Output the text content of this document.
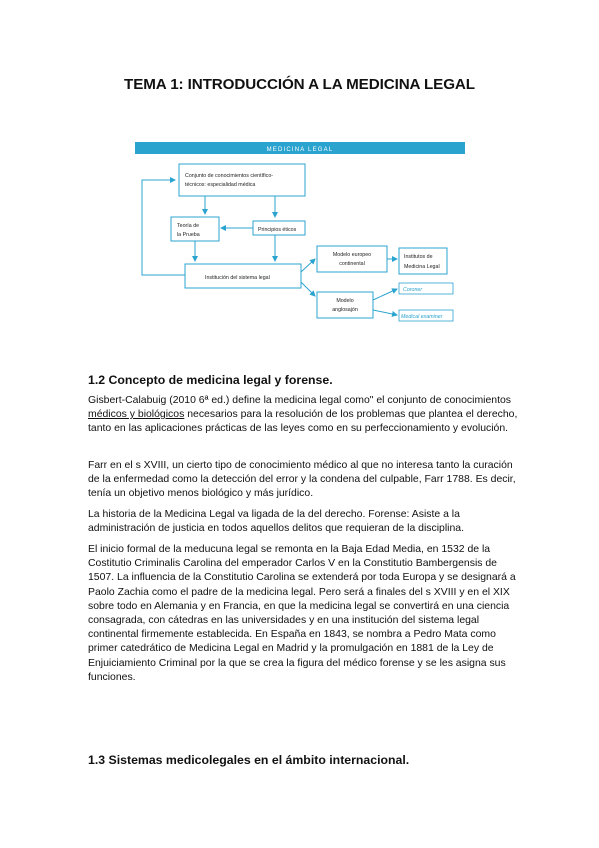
TEMA 1: INTRODUCCIÓN A LA MEDICINA LEGAL
MEDICINA LEGAL
Conjunto de conocimientos científico-
técnicos: especialidad médica
Teoría de
la Prueba
Principios éticos
Institución del sistema legal
Modelo europeo
continental
Institutos de
Medicina Legal
Modelo
anglosajón
Coroner
Medical examiner
1.2 Concepto de medicina legal y forense.
Gisbert-Calabuig (2010 6ª ed.) define la medicina legal como" el conjunto de conocimientos médicos y biológicos necesarios para la resolución de los problemas que plantea el derecho, tanto en las aplicaciones prácticas de las leyes como en su perfeccionamiento y evolución.
Farr en el s XVIII, un cierto tipo de conocimiento médico al que no interesa tanto la curación de la enfermedad como la detección del error y la condena del culpable, Farr 1788. Es decir, tenía un objetivo menos biológico y más jurídico.
La historia de la Medicina Legal va ligada de la del derecho. Forense: Asiste a la administración de justicia en todos aquellos delitos que requieran de la disciplina.
El inicio formal de la meducuna legal se remonta en la Baja Edad Media, en 1532 de la Costitutio Criminalis Carolina del emperador Carlos V en la Constitutio Bambergensis de 1507. La influencia de la Constitutio Carolina se extenderá por toda Europa y se designará a Paolo Zachia como el padre de la medicina legal. Pero será a finales del s XVIII y en el XIX sobre todo en Alemania y en Francia, en que la medicina legal se convertirá en una ciencia consagrada, con cátedras en las universidades y en una institución del sistema legal continental firmemente establecida. En España en 1843, se nombra a Pedro Mata como primer catedrático de Medicina Legal en Madrid y la promulgación en 1881 de la Ley de Enjuiciamiento Criminal por la que se crea la figura del médico forense y se les asigna sus funciones.
1.3 Sistemas medicolegales en el ámbito internacional.
